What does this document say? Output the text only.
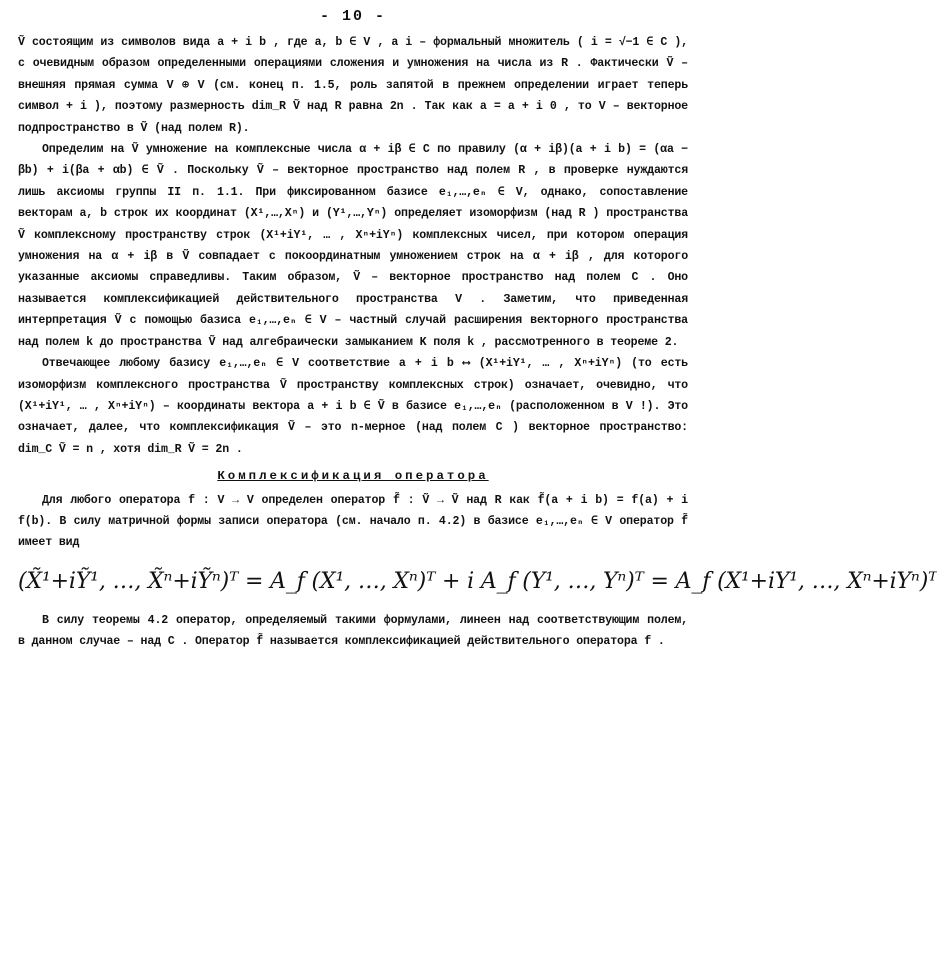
- 10 -

Ṽ состоящим из символов вида a + i b , где a, b ∈ V , а i – формальный множитель ( i = √−1 ∈ C ), с очевидным образом определенными операциями сложения и умножения на числа из R . Фактически Ṽ – внешняя прямая сумма V ⊕ V (см. конец п. 1.5, роль запятой в прежнем определении играет теперь символ + i ), поэтому размерность dim_R Ṽ над R равна 2n . Так как a = a + i 0 , то V – векторное подпространство в Ṽ (над полем R).

Определим на Ṽ умножение на комплексные числа α + iβ ∈ C по правилу (α + iβ)(a + i b) = (αa − βb) + i(βa + αb) ∈ Ṽ . Поскольку Ṽ – векторное пространство над полем R , в проверке нуждаются лишь аксиомы группы II п. 1.1. При фиксированном базисе e₁,…,eₙ ∈ V, однако, сопоставление векторам a, b строк их координат (X¹,…,Xⁿ) и (Y¹,…,Yⁿ) определяет изоморфизм (над R ) пространства Ṽ комплексному пространству строк (X¹+iY¹, … , Xⁿ+iYⁿ) комплексных чисел, при котором операция умножения на α + iβ в Ṽ совпадает с покоординатным умножением строк на α + iβ , для которого указанные аксиомы справедливы. Таким образом, Ṽ – векторное пространство над полем C . Оно называется комплексификацией действительного пространства V . Заметим, что приведенная интерпретация Ṽ с помощью базиса e₁,…,eₙ ∈ V – частный случай расширения векторного пространства над полем k до пространства Ṽ над алгебраически замыканием K поля k , рассмотренного в теореме 2.

Отвечающее любому базису e₁,…,eₙ ∈ V соответствие a + i b ⟷ (X¹+iY¹, … , Xⁿ+iYⁿ) (то есть изоморфизм комплексного пространства Ṽ пространству комплексных строк) означает, очевидно, что (X¹+iY¹, … , Xⁿ+iYⁿ) – координаты вектора a + i b ∈ Ṽ в базисе e₁,…,eₙ (расположенном в V !). Это означает, далее, что комплексификация Ṽ – это n-мерное (над полем C ) векторное пространство: dim_C Ṽ = n , хотя dim_R Ṽ = 2n .

Комплексификация оператора

Для любого оператора f : V → V определен оператор f̃ : Ṽ → Ṽ над R как f̃(a + i b) = f(a) + i f(b). В силу матричной формы записи оператора (см. начало п. 4.2) в базисе e₁,…,eₙ ∈ V оператор f̃ имеет вид

(X̃¹+iỸ¹, …, X̃ⁿ+iỸⁿ)ᵀ = A_f (X¹, …, Xⁿ)ᵀ + i A_f (Y¹, …, Yⁿ)ᵀ = A_f (X¹+iY¹, …, Xⁿ+iYⁿ)ᵀ

В силу теоремы 4.2 оператор, определяемый такими формулами, линеен над соответствующим полем, в данном случае – над C . Оператор f̃ называется комплексификацией действительного оператора f .
